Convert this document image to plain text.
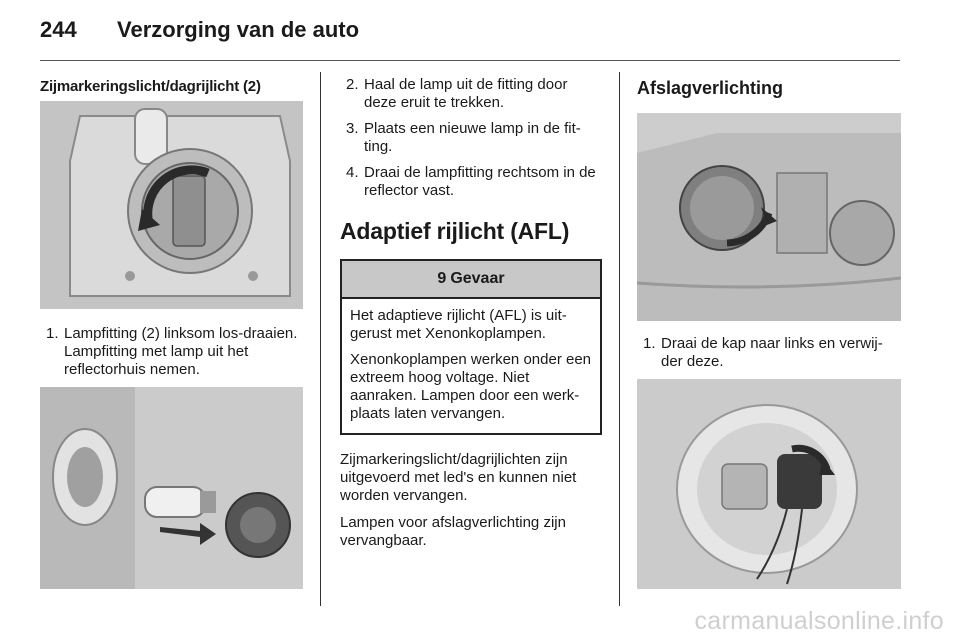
244 Verzorging van de auto
Zijmarkeringslicht/dagrijlicht (2)
1. Lampfitting (2) linksom los-draaien. Lampfitting met lamp uit het reflectorhuis nemen.
2. Haal de lamp uit de fitting door deze eruit te trekken.
3. Plaats een nieuwe lamp in de fit-ting.
4. Draai de lampfitting rechtsom in de reflector vast.
Adaptief rijlicht (AFL)
9 Gevaar

Het adaptieve rijlicht (AFL) is uit-gerust met Xenonkoplampen.

Xenonkoplampen werken onder een extreem hoog voltage. Niet aanraken. Lampen door een werk-plaats laten vervangen.

Zijmarkeringslicht/dagrijlichten zijn uitgevoerd met led's en kunnen niet worden vervangen.

Lampen voor afslagverlichting zijn vervangbaar.

Afslagverlichting
1. Draai de kap naar links en verwij-der deze.
carmanualsonline.info
